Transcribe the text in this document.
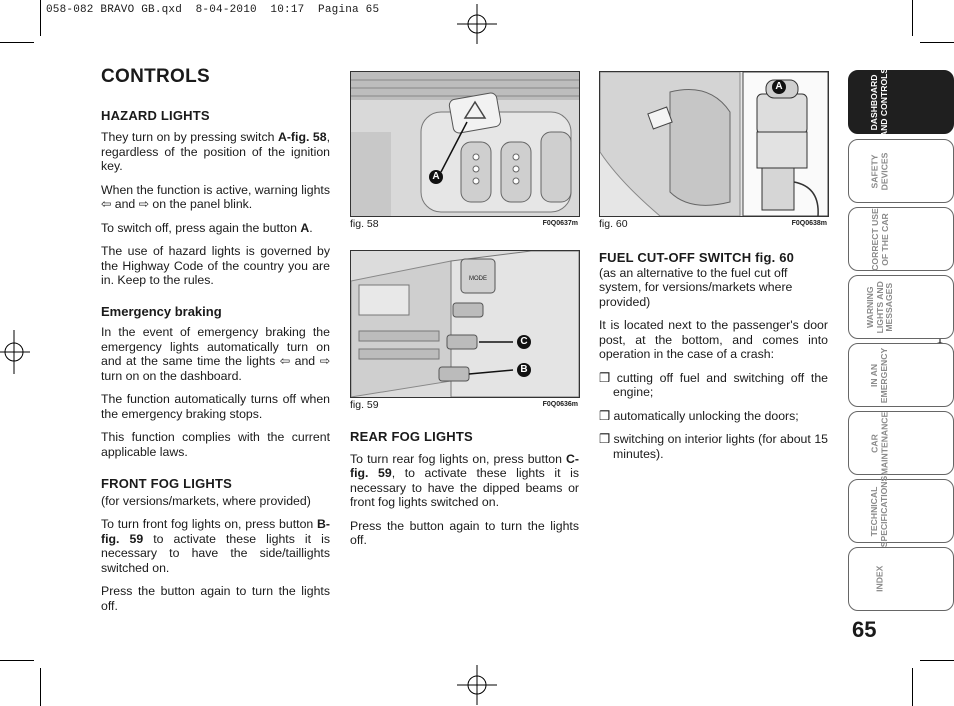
058-082 BRAVO GB.qxd  8-04-2010  10:17  Pagina 65
CONTROLS
HAZARD LIGHTS

They turn on by pressing switch A-fig. 58, regardless of the position of the ignition key.

When the function is active, warning lights ⇦ and ⇨ on the panel blink.

To switch off, press again the button A.

The use of hazard lights is governed by the Highway Code of the country you are in. Keep to the rules.

Emergency braking

In the event of emergency braking the emergency lights automatically turn on and at the same time the lights ⇦ and ⇨ turn on on the dashboard.

The function automatically turns off when the emergency braking stops.

This function complies with the current applicable laws.

FRONT FOG LIGHTS

(for versions/markets, where provided)

To turn front fog lights on, press button B-fig. 59 to activate these lights it is necessary to have the side/taillights switched on.

Press the button again to turn the lights off.

A
fig. 58	F0Q0637m
MODE
C
B
fig. 59	F0Q0636m
REAR FOG LIGHTS

To turn rear fog lights on, press button C-fig. 59, to activate these lights it is necessary to have the dipped beams or front fog lights switched on.

Press the button again to turn the lights off.

A
fig. 60	F0Q0638m
FUEL CUT-OFF SWITCH fig. 60

(as an alternative to the fuel cut off system, for versions/markets where provided)

It is located next to the passenger's door post, at the bottom, and comes into operation in the case of a crash:

❒ cutting off fuel and switching off the engine;

❒ automatically unlocking the doors;

❒ switching on interior lights (for about 15 minutes).

DASHBOARD
AND CONTROLS
SAFETY
DEVICES
CORRECT USE
OF THE CAR
WARNING
LIGHTS AND
MESSAGES
IN AN
EMERGENCY
CAR
MAINTENANCE
TECHNICAL
SPECIFICATIONS
INDEX
65
